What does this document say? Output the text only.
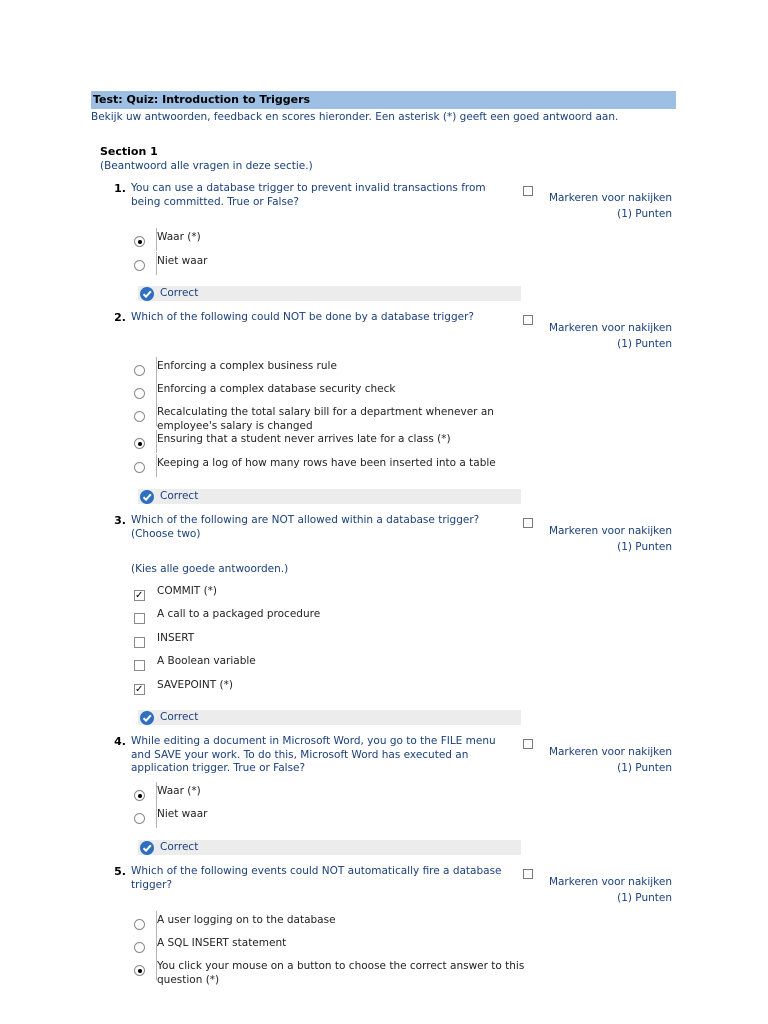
Test: Quiz: Introduction to Triggers
Bekijk uw antwoorden, feedback en scores hieronder. Een asterisk (*) geeft een goed antwoord aan.
Section 1
(Beantwoord alle vragen in deze sectie.)
1. You can use a database trigger to prevent invalid transactions from being committed. True or False?	Markeren voor nakijken
(1) Punten
Waar (*)
Niet waar
Correct
2. Which of the following could NOT be done by a database trigger?
Markeren voor nakijken
(1) Punten
Enforcing a complex business rule
Enforcing a complex database security check
Recalculating the total salary bill for a department whenever an employee's salary is changed
Ensuring that a student never arrives late for a class (*)
Keeping a log of how many rows have been inserted into a table
Correct
3. Which of the following are NOT allowed within a database trigger? (Choose two)	Markeren voor nakijken
(1) Punten
(Kies alle goede antwoorden.)
✓ COMMIT (*)
A call to a packaged procedure
INSERT
A Boolean variable
✓ SAVEPOINT (*)
Correct
4. While editing a document in Microsoft Word, you go to the FILE menu and SAVE your work. To do this, Microsoft Word has executed an application trigger. True or False?
Markeren voor nakijken
(1) Punten
Waar (*)
Niet waar
Correct
5. Which of the following events could NOT automatically fire a database trigger?	Markeren voor nakijken
(1) Punten
A user logging on to the database
A SQL INSERT statement
You click your mouse on a button to choose the correct answer to this question (*)
